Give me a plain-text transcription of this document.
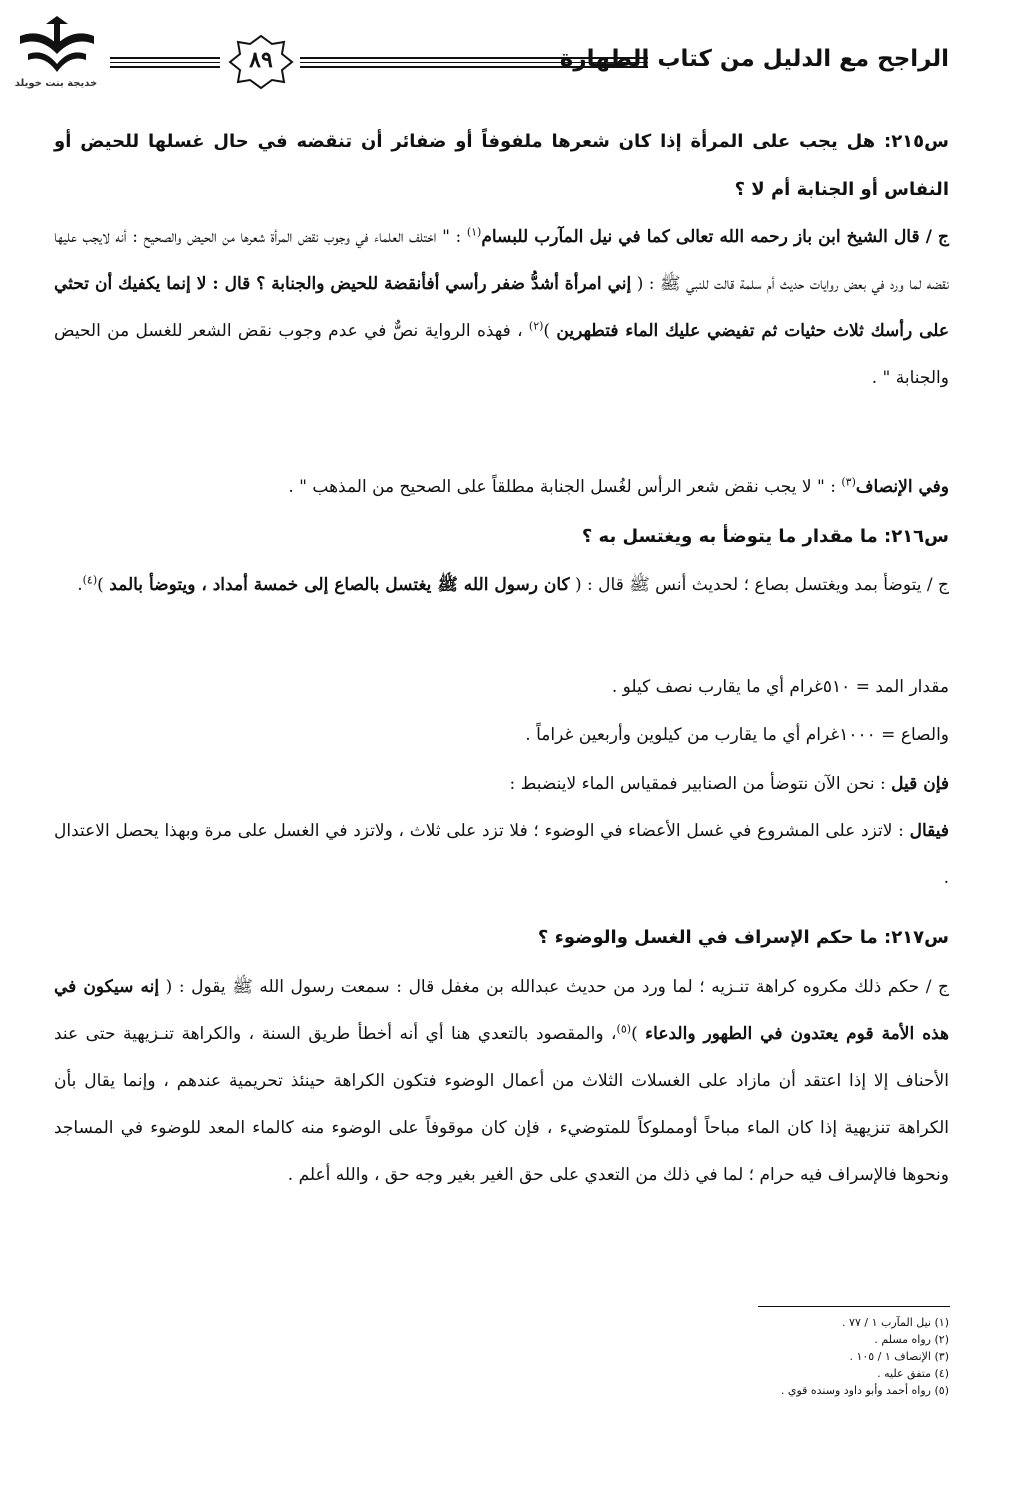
خديجة بنت خويلد
٨٩	الراجح مع الدليل من كتاب الطهارة
س٢١٥: هل يجب على المرأة إذا كان شعرها ملفوفاً أو ضفائر أن تنقضه في حال غسلها للحيض أو النفاس أو الجنابة أم لا ؟
ج / قال الشيخ ابن باز رحمه الله تعالى كما في نيل المآرب للبسام$^{(١)}$ : " اختلف العلماء في وجوب نقض المرأة شعرها من الحيض والصحيح : أنه لايجب عليها نقضه لما ورد في بعض روايات حديث أم سلمة قالت للنبي ﷺ : ( إني امرأة أشدُّ ضفر رأسي أفأنقضة للحيض والجنابة ؟ قال : لا إنما يكفيك أن تحثي على رأسك ثلاث حثيات ثم تفيضي عليك الماء فتطهرين )$^{(٢)}$ ، فهذه الرواية نصٌّ في عدم وجوب نقض الشعر للغسل من الحيض والجنابة " .
وفي الإنصاف$^{(٣)}$ : " لا يجب نقض شعر الرأس لغُسل الجنابة مطلقاً على الصحيح من المذهب " .
س٢١٦: ما مقدار ما يتوضأ به ويغتسل به ؟
ج / يتوضأ بمد ويغتسل بصاع ؛ لحديث أنس ﷺ قال : ( كان رسول الله ﷺ يغتسل بالصاع إلى خمسة أمداد ، ويتوضأ بالمد )$^{(٤)}$.
مقدار المد = ٥١٠غرام أي ما يقارب نصف كيلو .
والصاع = ١٠٠٠غرام أي ما يقارب من كيلوين وأربعين غراماً .
فإن قيل : نحن الآن نتوضأ من الصنابير فمقياس الماء لاينضبط :
فيقال : لاتزد على المشروع في غسل الأعضاء في الوضوء ؛ فلا تزد على ثلاث ، ولاتزد في الغسل على مرة وبهذا يحصل الاعتدال .
س٢١٧: ما حكم الإسراف في الغسل والوضوء ؟
ج / حكم ذلك مكروه كراهة تنـزيه ؛ لما ورد من حديث عبدالله بن مغفل قال : سمعت رسول الله ﷺ يقول : ( إنه سيكون في هذه الأمة قوم يعتدون في الطهور والدعاء )$^{(٥)}$، والمقصود بالتعدي هنا أي أنه أخطأ طريق السنة ، والكراهة تنـزيهية حتى عند الأحناف إلا إذا اعتقد أن مازاد على الغسلات الثلاث من أعمال الوضوء فتكون الكراهة حينئذ تحريمية عندهم ، وإنما يقال بأن الكراهة تنزيهية إذا كان الماء مباحاً أومملوكاً للمتوضيء ، فإن كان موقوفاً على الوضوء منه كالماء المعد للوضوء في المساجد ونحوها فالإسراف فيه حرام ؛ لما في ذلك من التعدي على حق الغير بغير وجه حق ، والله أعلم .
(١) نيل المآرب ١ / ٧٧ .
(٢) رواه مسلم .
(٣) الإنصاف ١ / ١٠٥ .
(٤) متفق عليه .
(٥) رواه أحمد وأبو داود وسنده قوي .
